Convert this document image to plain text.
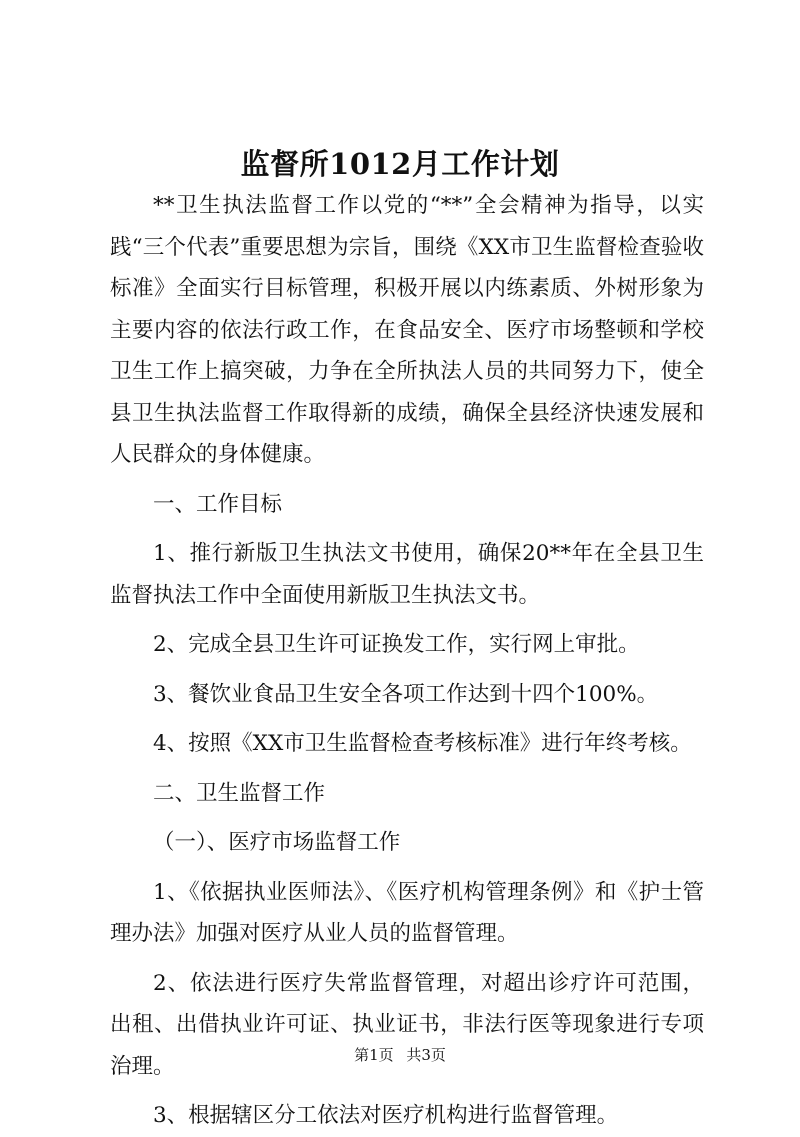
监督所1012月工作计划

**卫生执法监督工作以党的“**”全会精神为指导，以实践“三个代表”重要思想为宗旨，围绕《XX市卫生监督检查验收标准》全面实行目标管理，积极开展以内练素质、外树形象为主要内容的依法行政工作，在食品安全、医疗市场整顿和学校卫生工作上搞突破，力争在全所执法人员的共同努力下，使全县卫生执法监督工作取得新的成绩，确保全县经济快速发展和人民群众的身体健康。

一、工作目标

1、推行新版卫生执法文书使用，确保20**年在全县卫生监督执法工作中全面使用新版卫生执法文书。

2、完成全县卫生许可证换发工作，实行网上审批。

3、餐饮业食品卫生安全各项工作达到十四个100%。

4、按照《XX市卫生监督检查考核标准》进行年终考核。

二、卫生监督工作

（一）、医疗市场监督工作

1、《依据执业医师法》、《医疗机构管理条例》和《护士管理办法》加强对医疗从业人员的监督管理。

2、依法进行医疗失常监督管理，对超出诊疗许可范围，出租、出借执业许可证、执业证书，非法行医等现象进行专项治理。

3、根据辖区分工依法对医疗机构进行监督管理。

第1页 共3页
